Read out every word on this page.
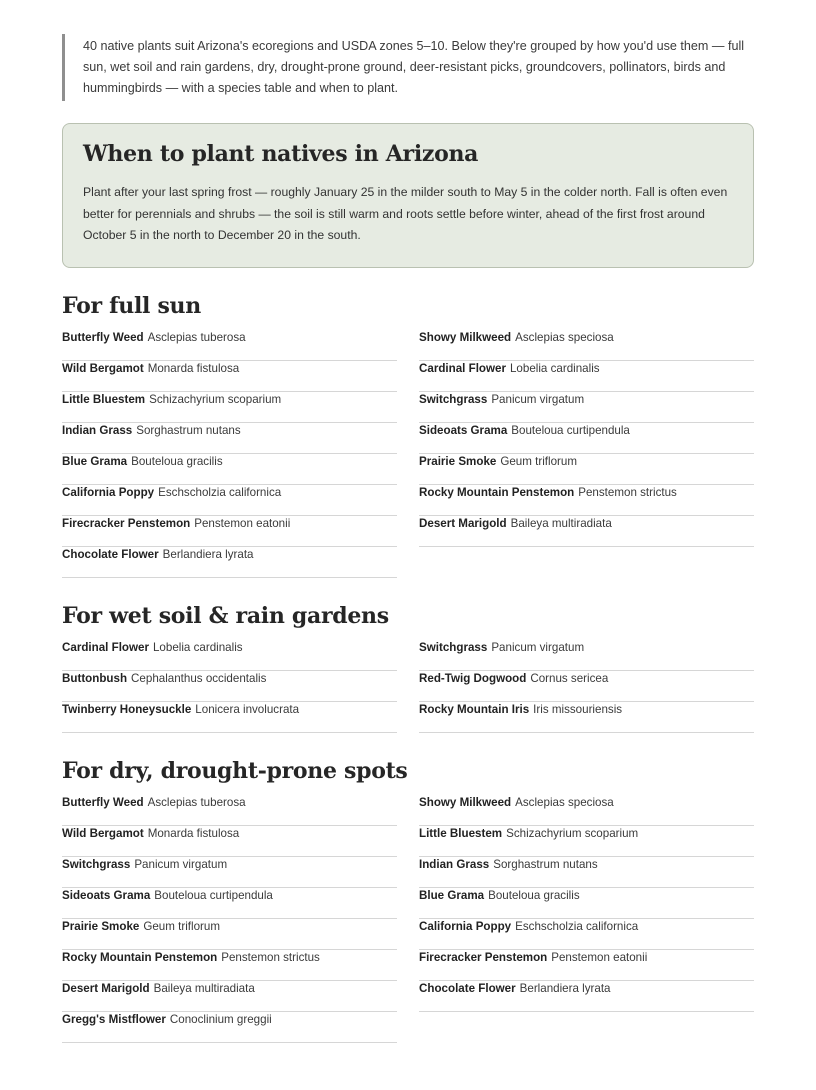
40 native plants suit Arizona's ecoregions and USDA zones 5–10. Below they're grouped by how you'd use them — full sun, wet soil and rain gardens, dry, drought-prone ground, deer-resistant picks, groundcovers, pollinators, birds and hummingbirds — with a species table and when to plant.
When to plant natives in Arizona

Plant after your last spring frost — roughly January 25 in the milder south to May 5 in the colder north. Fall is often even better for perennials and shrubs — the soil is still warm and roots settle before winter, ahead of the first frost around October 5 in the north to December 20 in the south.

For full sun
Butterfly Weed Asclepias tuberosa
Wild Bergamot Monarda fistulosa
Little Bluestem Schizachyrium scoparium
Indian Grass Sorghastrum nutans
Blue Grama Bouteloua gracilis
California Poppy Eschscholzia californica
Firecracker Penstemon Penstemon eatonii
Chocolate Flower Berlandiera lyrata
Showy Milkweed Asclepias speciosa
Cardinal Flower Lobelia cardinalis
Switchgrass Panicum virgatum
Sideoats Grama Bouteloua curtipendula
Prairie Smoke Geum triflorum
Rocky Mountain Penstemon Penstemon strictus
Desert Marigold Baileya multiradiata
For wet soil & rain gardens
Cardinal Flower Lobelia cardinalis
Buttonbush Cephalanthus occidentalis
Twinberry Honeysuckle Lonicera involucrata
Switchgrass Panicum virgatum
Red-Twig Dogwood Cornus sericea
Rocky Mountain Iris Iris missouriensis
For dry, drought-prone spots
Butterfly Weed Asclepias tuberosa
Wild Bergamot Monarda fistulosa
Switchgrass Panicum virgatum
Sideoats Grama Bouteloua curtipendula
Prairie Smoke Geum triflorum
Rocky Mountain Penstemon Penstemon strictus
Desert Marigold Baileya multiradiata
Gregg's Mistflower Conoclinium greggii
Showy Milkweed Asclepias speciosa
Little Bluestem Schizachyrium scoparium
Indian Grass Sorghastrum nutans
Blue Grama Bouteloua gracilis
California Poppy Eschscholzia californica
Firecracker Penstemon Penstemon eatonii
Chocolate Flower Berlandiera lyrata
